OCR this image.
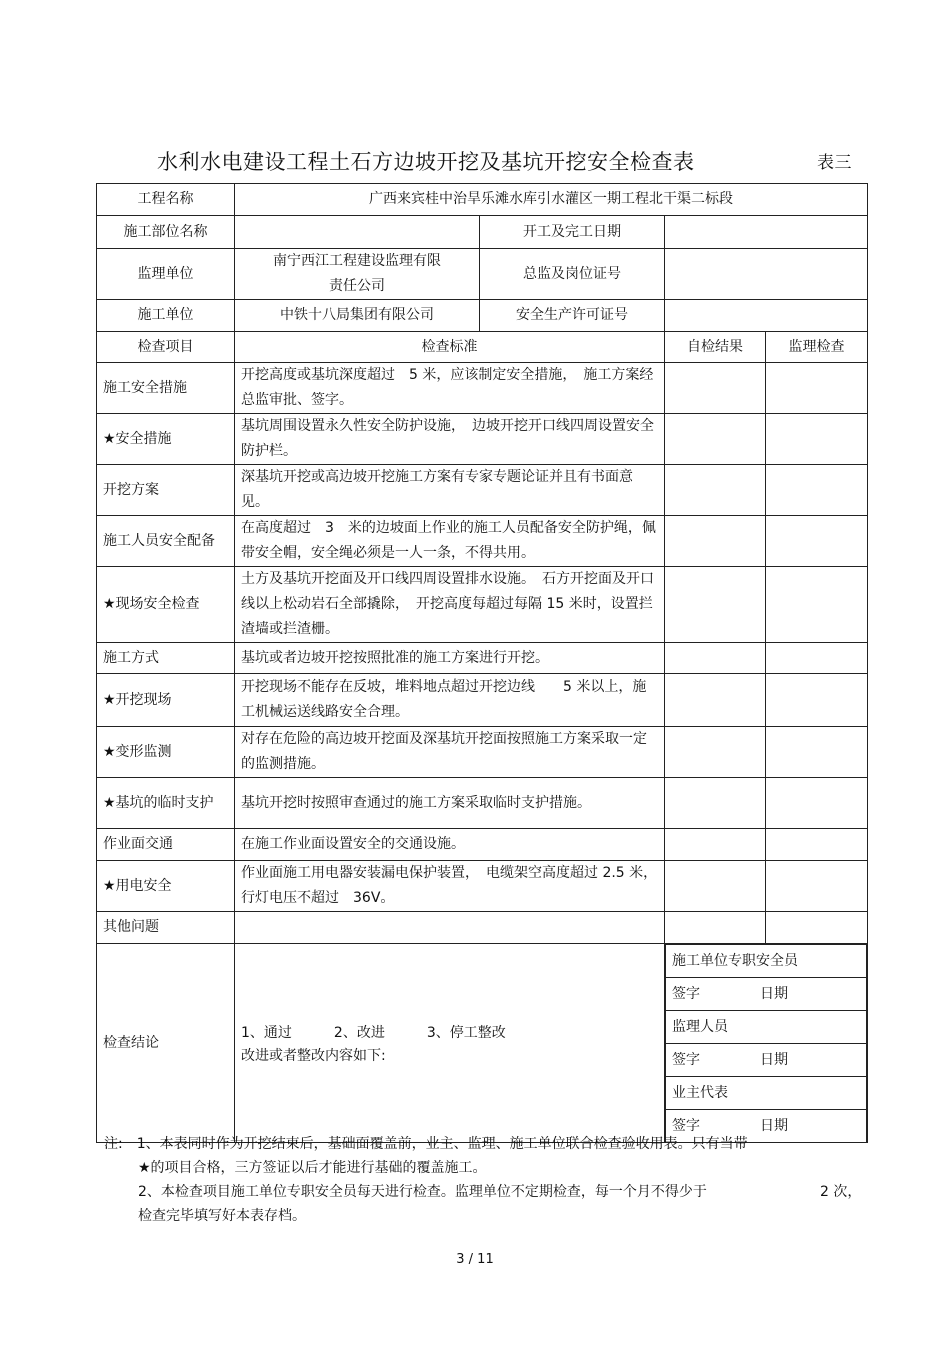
水利水电建设工程土石方边坡开挖及基坑开挖安全检查表	表三
工程名称	广西来宾桂中治旱乐滩水库引水灌区一期工程北干渠二标段
施工部位名称		开工及完工日期	
监理单位	南宁西江工程建设监理有限责任公司	总监及岗位证号	
施工单位	中铁十八局集团有限公司	安全生产许可证号	
检查项目	检查标准	自检结果	监理检查
施工安全措施	开挖高度或基坑深度超过　5 米，应该制定安全措施，　施工方案经总监审批、签字。		
★安全措施	基坑周围设置永久性安全防护设施，　边坡开挖开口线四周设置安全防护栏。		
开挖方案	深基坑开挖或高边坡开挖施工方案有专家专题论证并且有书面意见。		
施工人员安全配备	在高度超过　3　米的边坡面上作业的施工人员配备安全防护绳，佩带安全帽，安全绳必须是一人一条，不得共用。		
★现场安全检查	土方及基坑开挖面及开口线四周设置排水设施。　石方开挖面及开口线以上松动岩石全部撬除，　开挖高度每超过每隔 15 米时，设置拦渣墙或拦渣栅。		
施工方式	基坑或者边坡开挖按照批准的施工方案进行开挖。		
★开挖现场	开挖现场不能存在反坡，堆料地点超过开挖边线　　5 米以上，施工机械运送线路安全合理。		
★变形监测	对存在危险的高边坡开挖面及深基坑开挖面按照施工方案采取一定的监测措施。		
★基坑的临时支护	基坑开挖时按照审查通过的施工方案采取临时支护措施。		
作业面交通	在施工作业面设置安全的交通设施。		
★用电安全	作业面施工用电器安装漏电保护装置，　电缆架空高度超过 2.5 米，行灯电压不超过　36V。		
其他问题			
检查结论	
1、通过	2、改进	3、停工整改
改进或者整改内容如下:

施工单位专职安全员
签字	日期
监理人员
签字	日期
业主代表
签字	日期
注:　1、本表同时作为开挖结束后，基础面覆盖前，业主、监理、施工单位联合检查验收用表。只有当带
★的项目合格，三方签证以后才能进行基础的覆盖施工。
2、本检查项目施工单位专职安全员每天进行检查。监理单位不定期检查，每一个月不得少于	2 次，
检查完毕填写好本表存档。
3 / 11
